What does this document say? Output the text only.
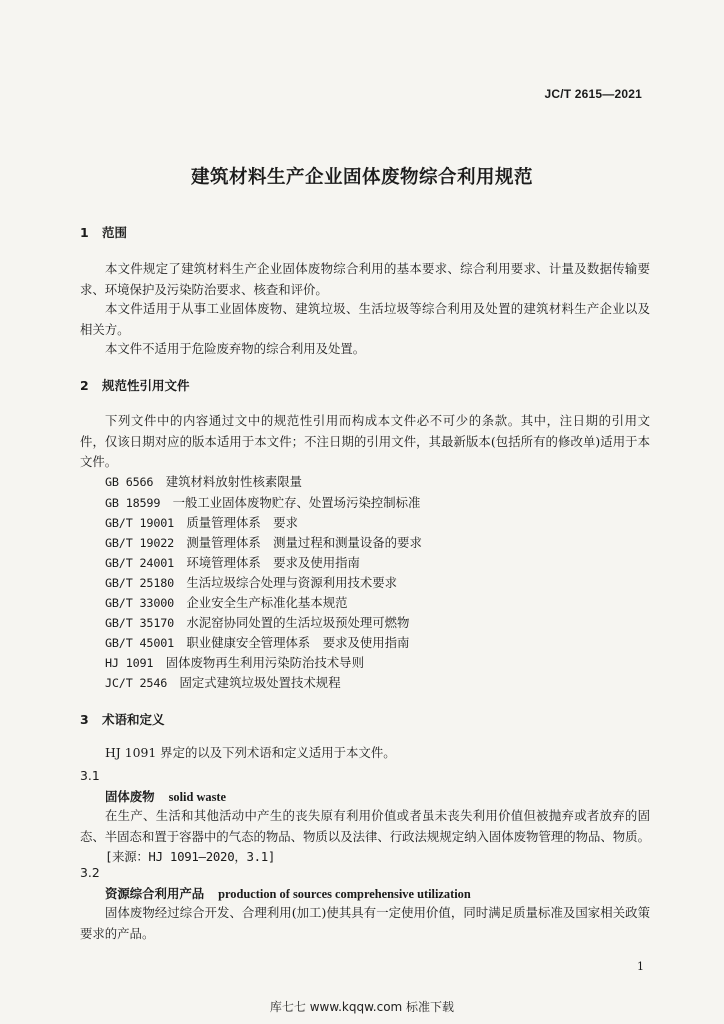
JC/T 2615—2021
建筑材料生产企业固体废物综合利用规范
1 范围

本文件规定了建筑材料生产企业固体废物综合利用的基本要求、综合利用要求、计量及数据传输要求、环境保护及污染防治要求、核查和评价。

本文件适用于从事工业固体废物、建筑垃圾、生活垃圾等综合利用及处置的建筑材料生产企业以及相关方。

本文件不适用于危险废弃物的综合利用及处置。

2 规范性引用文件

下列文件中的内容通过文中的规范性引用而构成本文件必不可少的条款。其中，注日期的引用文件，仅该日期对应的版本适用于本文件；不注日期的引用文件，其最新版本(包括所有的修改单)适用于本文件。

GB 6566　 建筑材料放射性核素限量
GB 18599　 一般工业固体废物贮存、处置场污染控制标准
GB/T 19001　 质量管理体系　要求
GB/T 19022　 测量管理体系　测量过程和测量设备的要求
GB/T 24001　 环境管理体系　要求及使用指南
GB/T 25180　 生活垃圾综合处理与资源利用技术要求
GB/T 33000　 企业安全生产标准化基本规范
GB/T 35170　 水泥窑协同处置的生活垃圾预处理可燃物
GB/T 45001　 职业健康安全管理体系　要求及使用指南
HJ 1091　 固体废物再生利用污染防治技术导则
JC/T 2546　 固定式建筑垃圾处置技术规程
3 术语和定义

HJ 1091 界定的以及下列术语和定义适用于本文件。

3.1
固体废物 solid waste

在生产、生活和其他活动中产生的丧失原有利用价值或者虽未丧失利用价值但被抛弃或者放弃的固态、半固态和置于容器中的气态的物品、物质以及法律、行政法规规定纳入固体废物管理的物品、物质。

[来源：HJ 1091—2020，3.1]
3.2
资源综合利用产品 production of sources comprehensive utilization

固体废物经过综合开发、合理利用(加工)使其具有一定使用价值，同时满足质量标准及国家相关政策要求的产品。

1
库七七 www.kqqw.com 标准下载
